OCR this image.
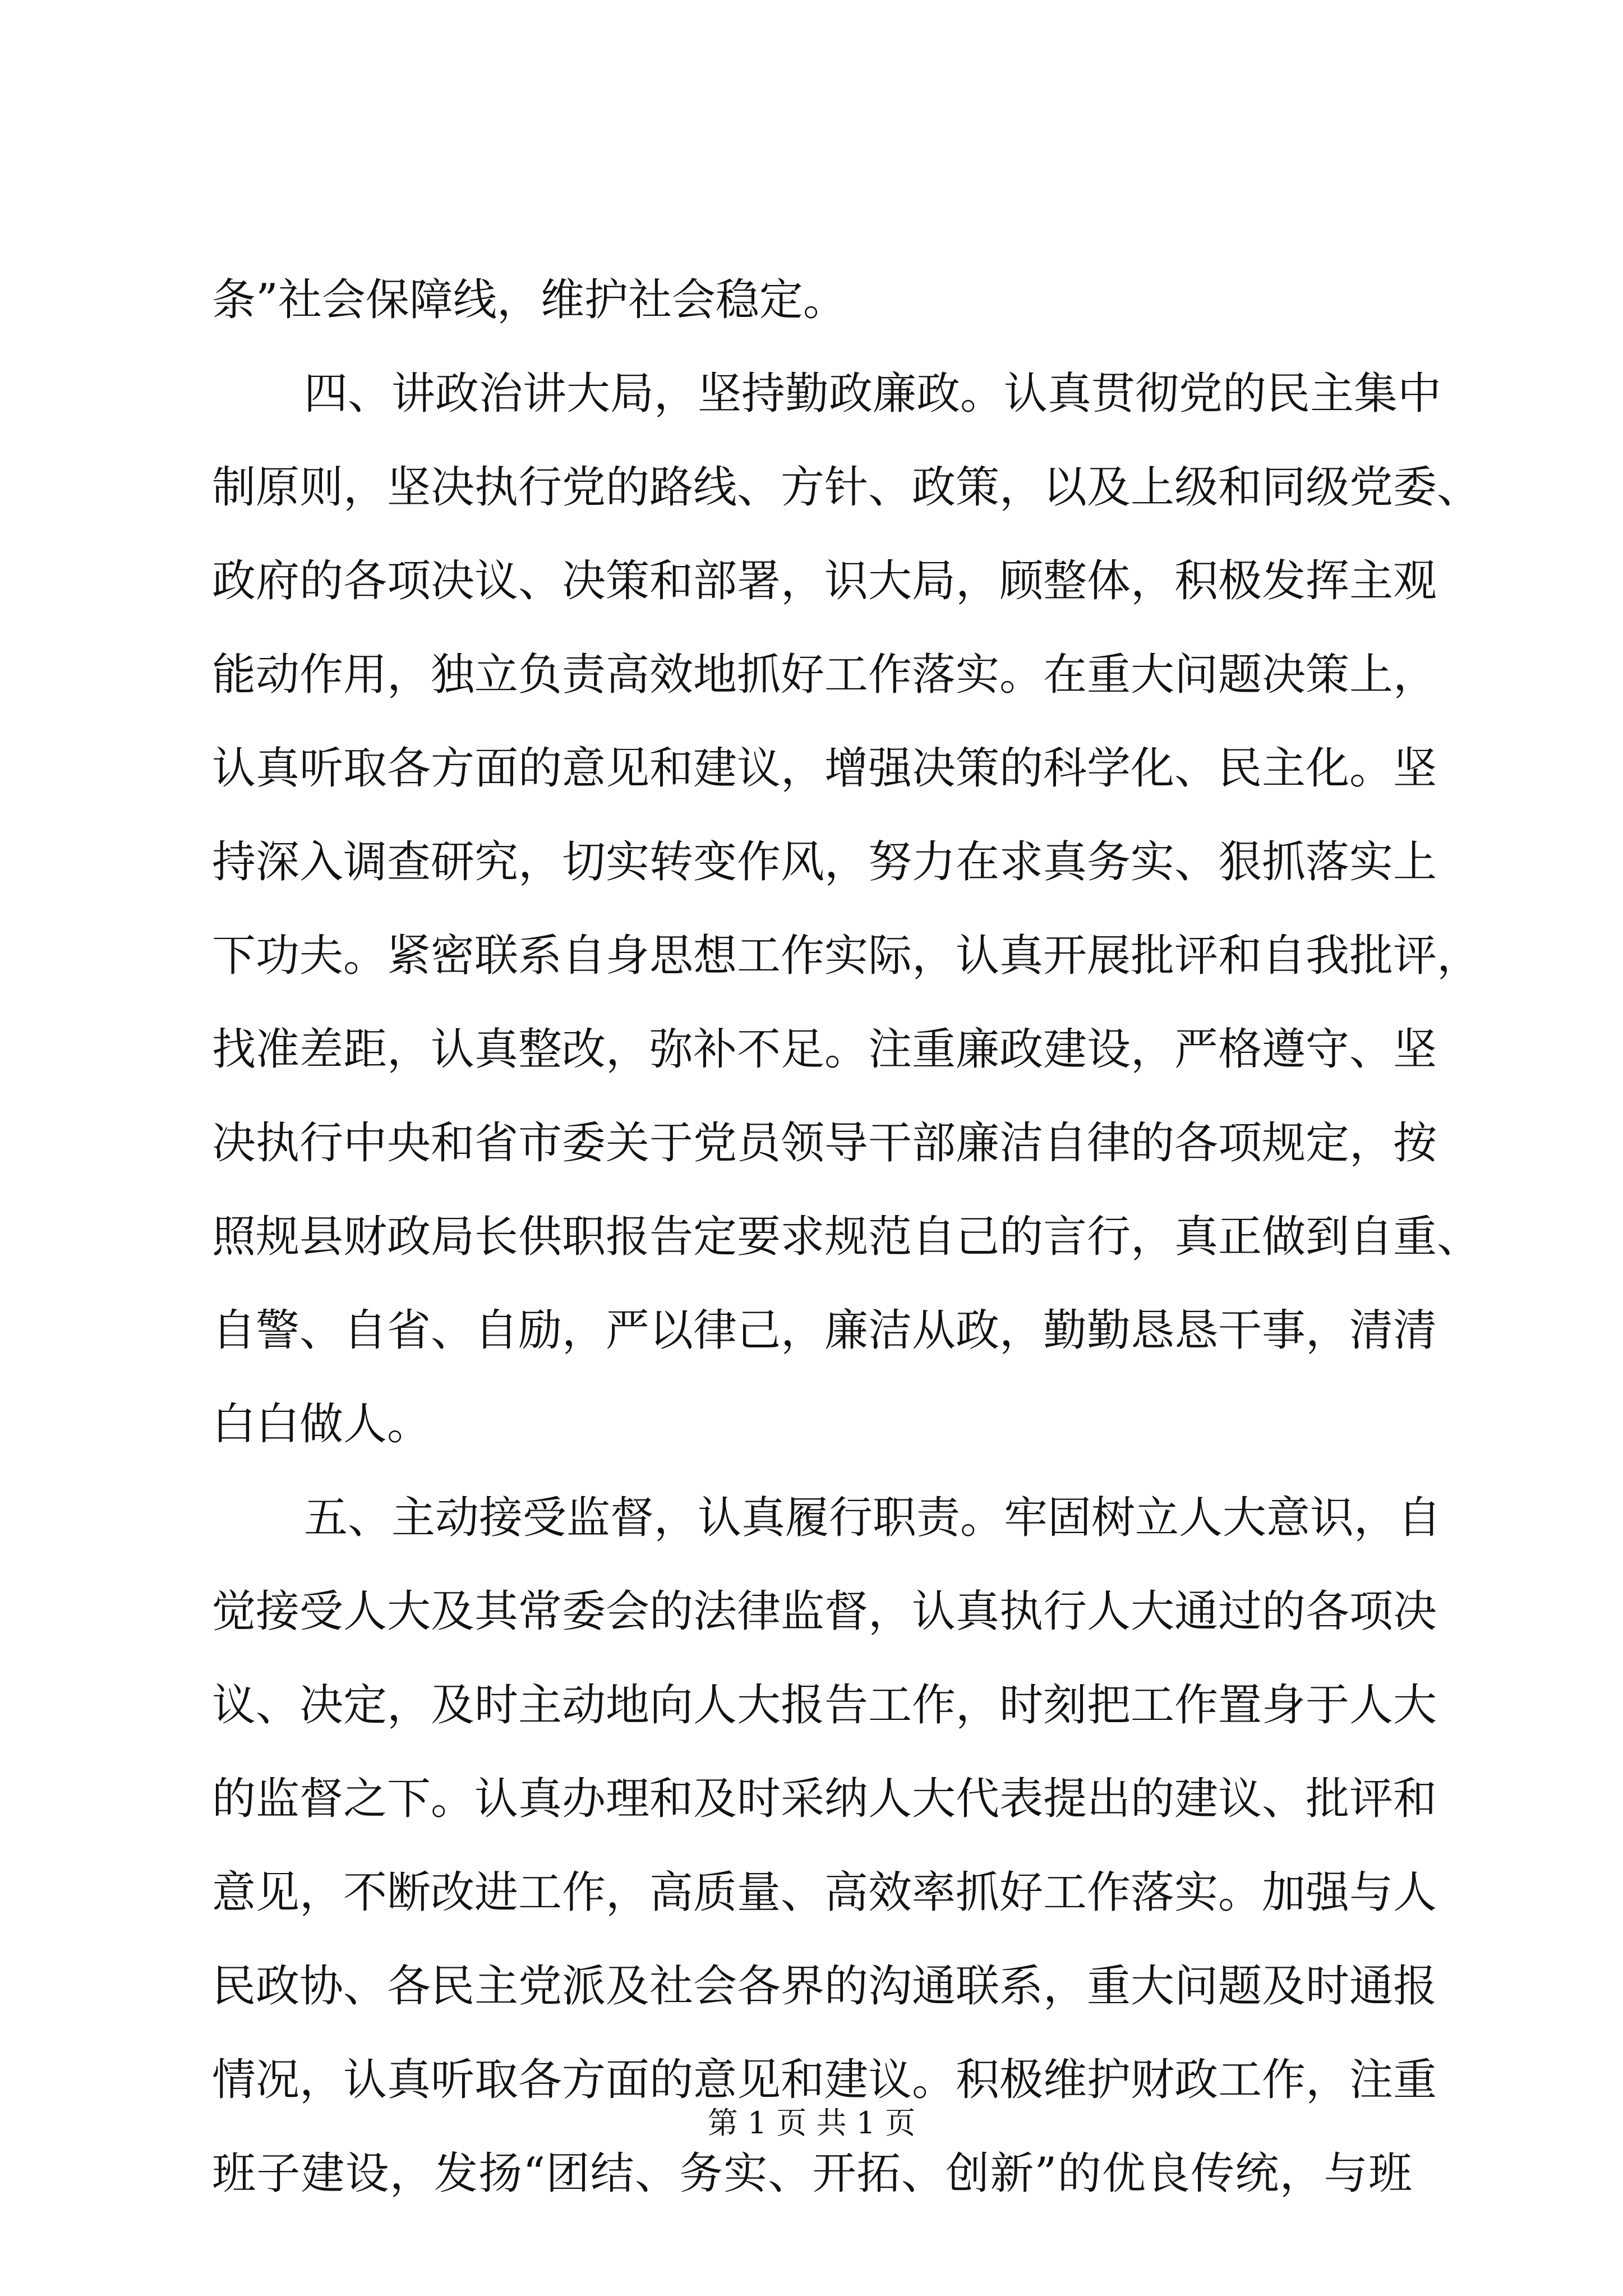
条”社会保障线，维护社会稳定。
四、讲政治讲大局，坚持勤政廉政。认真贯彻党的民主集中
制原则，坚决执行党的路线、方针、政策，以及上级和同级党委、
政府的各项决议、决策和部署，识大局，顾整体，积极发挥主观
能动作用，独立负责高效地抓好工作落实。在重大问题决策上，
认真听取各方面的意见和建议，增强决策的科学化、民主化。坚
持深入调查研究，切实转变作风，努力在求真务实、狠抓落实上
下功夫。紧密联系自身思想工作实际，认真开展批评和自我批评，
找准差距，认真整改，弥补不足。注重廉政建设，严格遵守、坚
决执行中央和省市委关于党员领导干部廉洁自律的各项规定，按
照规县财政局长供职报告定要求规范自己的言行，真正做到自重、
自警、自省、自励，严以律己，廉洁从政，勤勤恳恳干事，清清
白白做人。
五、主动接受监督，认真履行职责。牢固树立人大意识，自
觉接受人大及其常委会的法律监督，认真执行人大通过的各项决
议、决定，及时主动地向人大报告工作，时刻把工作置身于人大
的监督之下。认真办理和及时采纳人大代表提出的建议、批评和
意见，不断改进工作，高质量、高效率抓好工作落实。加强与人
民政协、各民主党派及社会各界的沟通联系，重大问题及时通报
情况，认真听取各方面的意见和建议。积极维护财政工作，注重
班子建设，发扬“团结、务实、开拓、创新”的优良传统，与班
第 1 页 共 1 页
